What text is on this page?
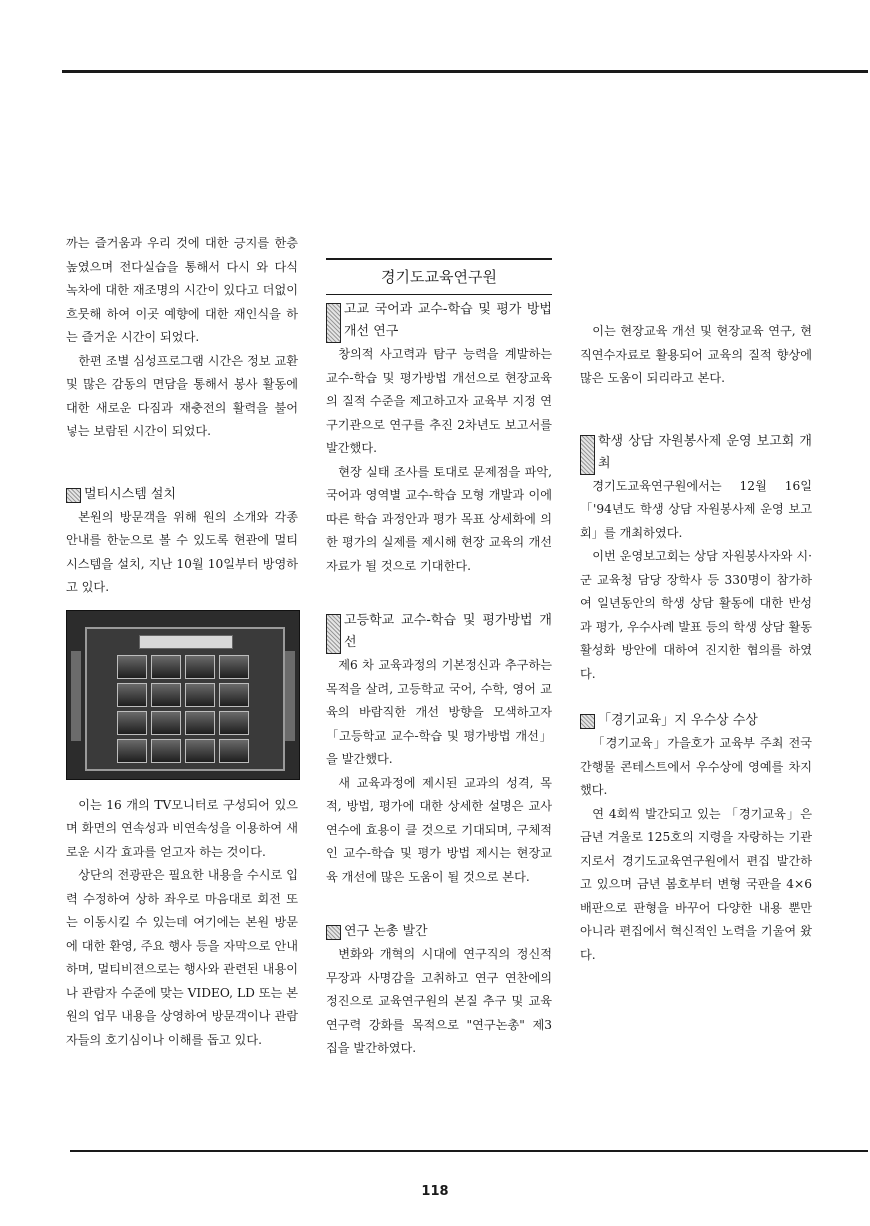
까는 즐거움과 우리 것에 대한 긍지를 한층 높였으며 전다실습을 통해서 다시 와 다식 녹차에 대한 재조명의 시간이 있다고 더없이 흐뭇해 하여 이곳 예향에 대한 재인식을 하는 즐거운 시간이 되었다.

한편 조별 심성프로그램 시간은 정보 교환 및 많은 감동의 면담을 통해서 봉사 활동에 대한 새로운 다짐과 재충전의 활력을 불어 넣는 보람된 시간이 되었다.

멀티시스템 설치

본원의 방문객을 위해 원의 소개와 각종 안내를 한눈으로 볼 수 있도록 현관에 멀티시스템을 설치, 지난 10월 10일부터 방영하고 있다.

이는 16 개의 TV모니터로 구성되어 있으며 화면의 연속성과 비연속성을 이용하여 새로운 시각 효과를 얻고자 하는 것이다.

상단의 전광판은 필요한 내용을 수시로 입력 수정하여 상하 좌우로 마음대로 회전 또는 이동시킬 수 있는데 여기에는 본원 방문에 대한 환영, 주요 행사 등을 자막으로 안내하며, 멀티비젼으로는 행사와 관련된 내용이나 관람자 수준에 맞는 VIDEO, LD 또는 본원의 업무 내용을 상영하여 방문객이나 관람자들의 호기심이나 이해를 돕고 있다.

경기도교육연구원
고교 국어과 교수-학습 및 평가 방법 개선 연구

창의적 사고력과 탐구 능력을 계발하는 교수-학습 및 평가방법 개선으로 현장교육의 질적 수준을 제고하고자 교육부 지정 연구기관으로 연구를 추진 2차년도 보고서를 발간했다.

현장 실태 조사를 토대로 문제점을 파악, 국어과 영역별 교수-학습 모형 개발과 이에 따른 학습 과정안과 평가 목표 상세화에 의한 평가의 실제를 제시해 현장 교육의 개선 자료가 될 것으로 기대한다.

고등학교 교수-학습 및 평가방법 개선

제6 차 교육과정의 기본정신과 추구하는 목적을 살려, 고등학교 국어, 수학, 영어 교육의 바람직한 개선 방향을 모색하고자 「고등학교 교수-학습 및 평가방법 개선」을 발간했다.

새 교육과정에 제시된 교과의 성격, 목적, 방법, 평가에 대한 상세한 설명은 교사 연수에 효용이 클 것으로 기대되며, 구체적인 교수-학습 및 평가 방법 제시는 현장교육 개선에 많은 도움이 될 것으로 본다.

연구 논총 발간

변화와 개혁의 시대에 연구직의 정신적 무장과 사명감을 고취하고 연구 연찬에의 정진으로 교육연구원의 본질 추구 및 교육연구력 강화를 목적으로 "연구논총" 제3 집을 발간하였다.

이는 현장교육 개선 및 현장교육 연구, 현직연수자료로 활용되어 교육의 질적 향상에 많은 도움이 되리라고 본다.

학생 상담 자원봉사제 운영 보고회 개최

경기도교육연구원에서는 12월 16일 「'94년도 학생 상담 자원봉사제 운영 보고회」를 개최하였다.

이번 운영보고회는 상담 자원봉사자와 시·군 교육청 담당 장학사 등 330명이 참가하여 일년동안의 학생 상담 활동에 대한 반성과 평가, 우수사례 발표 등의 학생 상담 활동 활성화 방안에 대하여 진지한 협의를 하였다.

「경기교육」지 우수상 수상

「경기교육」가을호가 교육부 주최 전국 간행물 콘테스트에서 우수상에 영예를 차지했다.

연 4회씩 발간되고 있는 「경기교육」은 금년 겨울로 125호의 지령을 자랑하는 기관지로서 경기도교육연구원에서 편집 발간하고 있으며 금년 봄호부터 변형 국판을 4×6배판으로 판형을 바꾸어 다양한 내용 뿐만 아니라 편집에서 혁신적인 노력을 기울여 왔다.

118
